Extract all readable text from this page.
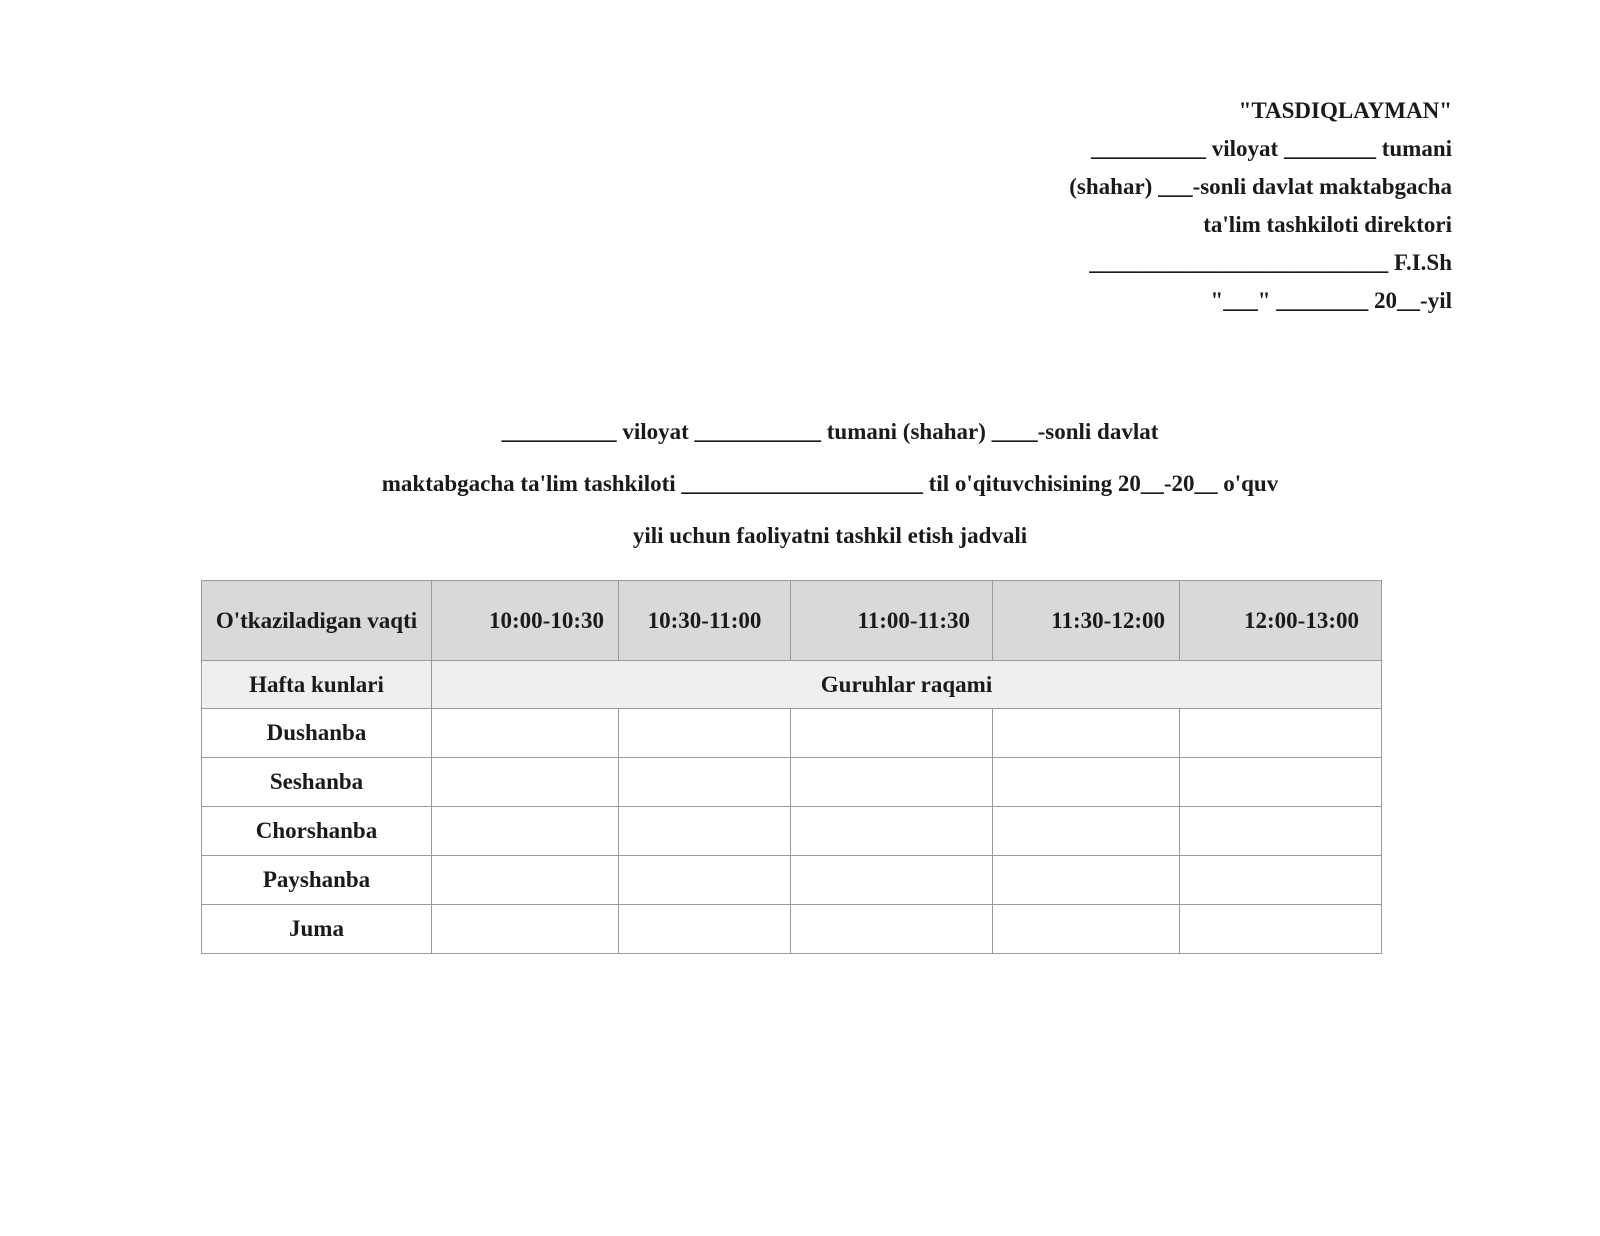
"TASDIQLAYMAN"
__________ viloyat ________ tumani
(shahar) ___-sonli davlat maktabgacha
ta'lim tashkiloti direktori
__________________________ F.I.Sh
"___" ________ 20__-yil
__________ viloyat ___________ tumani (shahar) ____-sonli davlat
maktabgacha ta'lim tashkiloti _____________________ til o'qituvchisining 20__-20__ o'quv
yili uchun faoliyatni tashkil etish jadvali
O'tkaziladigan vaqti	10:00-10:30	10:30-11:00	11:00-11:30	11:30-12:00	12:00-13:00
Hafta kunlari	Guruhlar raqami				
Dushanba					
Seshanba					
Chorshanba					
Payshanba					
Juma					
